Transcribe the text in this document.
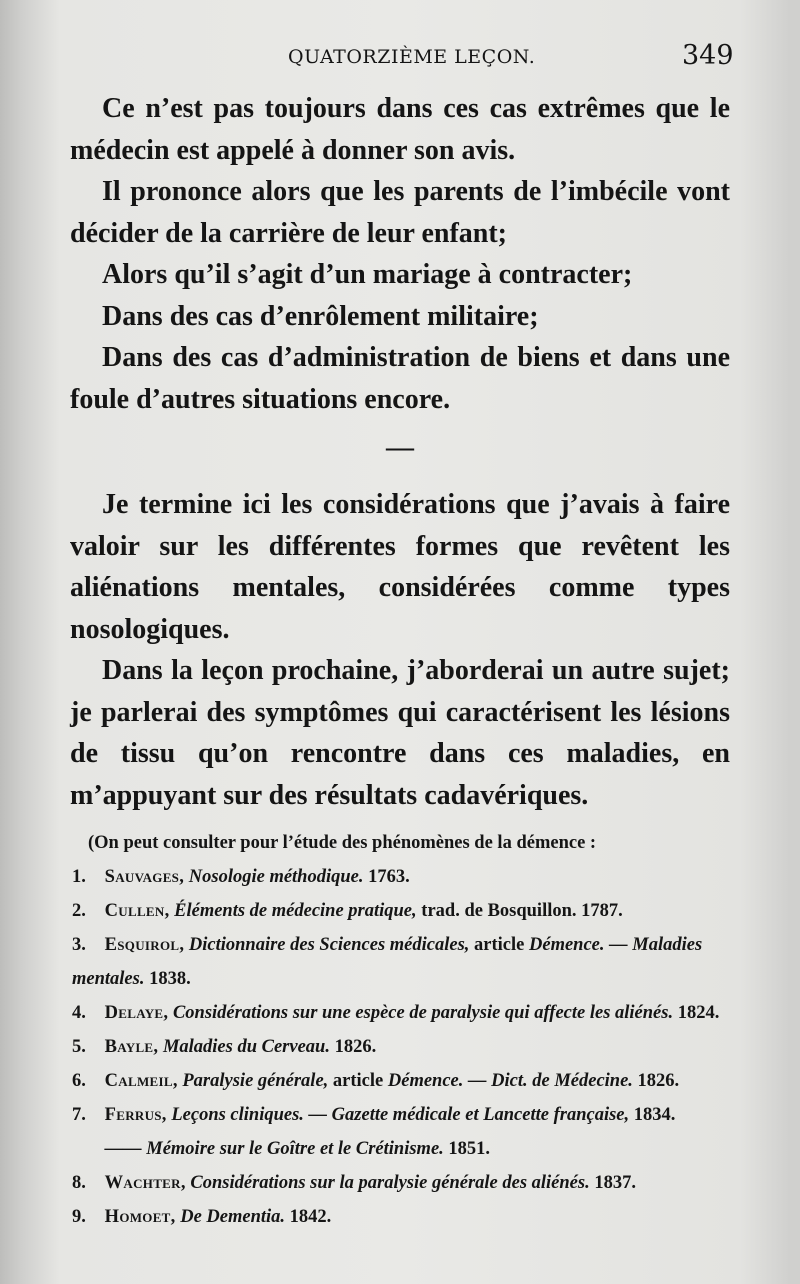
QUATORZIÈME LEÇON.	349

Ce n’est pas toujours dans ces cas extrêmes que le médecin est appelé à donner son avis.

Il prononce alors que les parents de l’imbécile vont décider de la carrière de leur enfant;

Alors qu’il s’agit d’un mariage à contracter;

Dans des cas d’enrôlement militaire;

Dans des cas d’administration de biens et dans une foule d’autres situations encore.

—

Je termine ici les considérations que j’avais à faire valoir sur les différentes formes que revêtent les aliénations mentales, considérées comme types nosologiques.

Dans la leçon prochaine, j’aborderai un autre sujet; je parlerai des symptômes qui caractérisent les lésions de tissu qu’on rencontre dans ces maladies, en m’appuyant sur des résultats cadavériques.

(On peut consulter pour l’étude des phénomènes de la démence :

1. Sauvages, Nosologie méthodique. 1763.

2. Cullen, Éléments de médecine pratique, trad. de Bosquillon. 1787.

3. Esquirol, Dictionnaire des Sciences médicales, article Démence. — Maladies mentales. 1838.

4. Delaye, Considérations sur une espèce de paralysie qui affecte les aliénés. 1824.

5. Bayle, Maladies du Cerveau. 1826.

6. Calmeil, Paralysie générale, article Démence. — Dict. de Médecine. 1826.

7. Ferrus, Leçons cliniques. — Gazette médicale et Lancette française, 1834.
—— Mémoire sur le Goître et le Crétinisme. 1851.

8. Wachter, Considérations sur la paralysie générale des aliénés. 1837.

9. Homoet, De Dementia. 1842.
